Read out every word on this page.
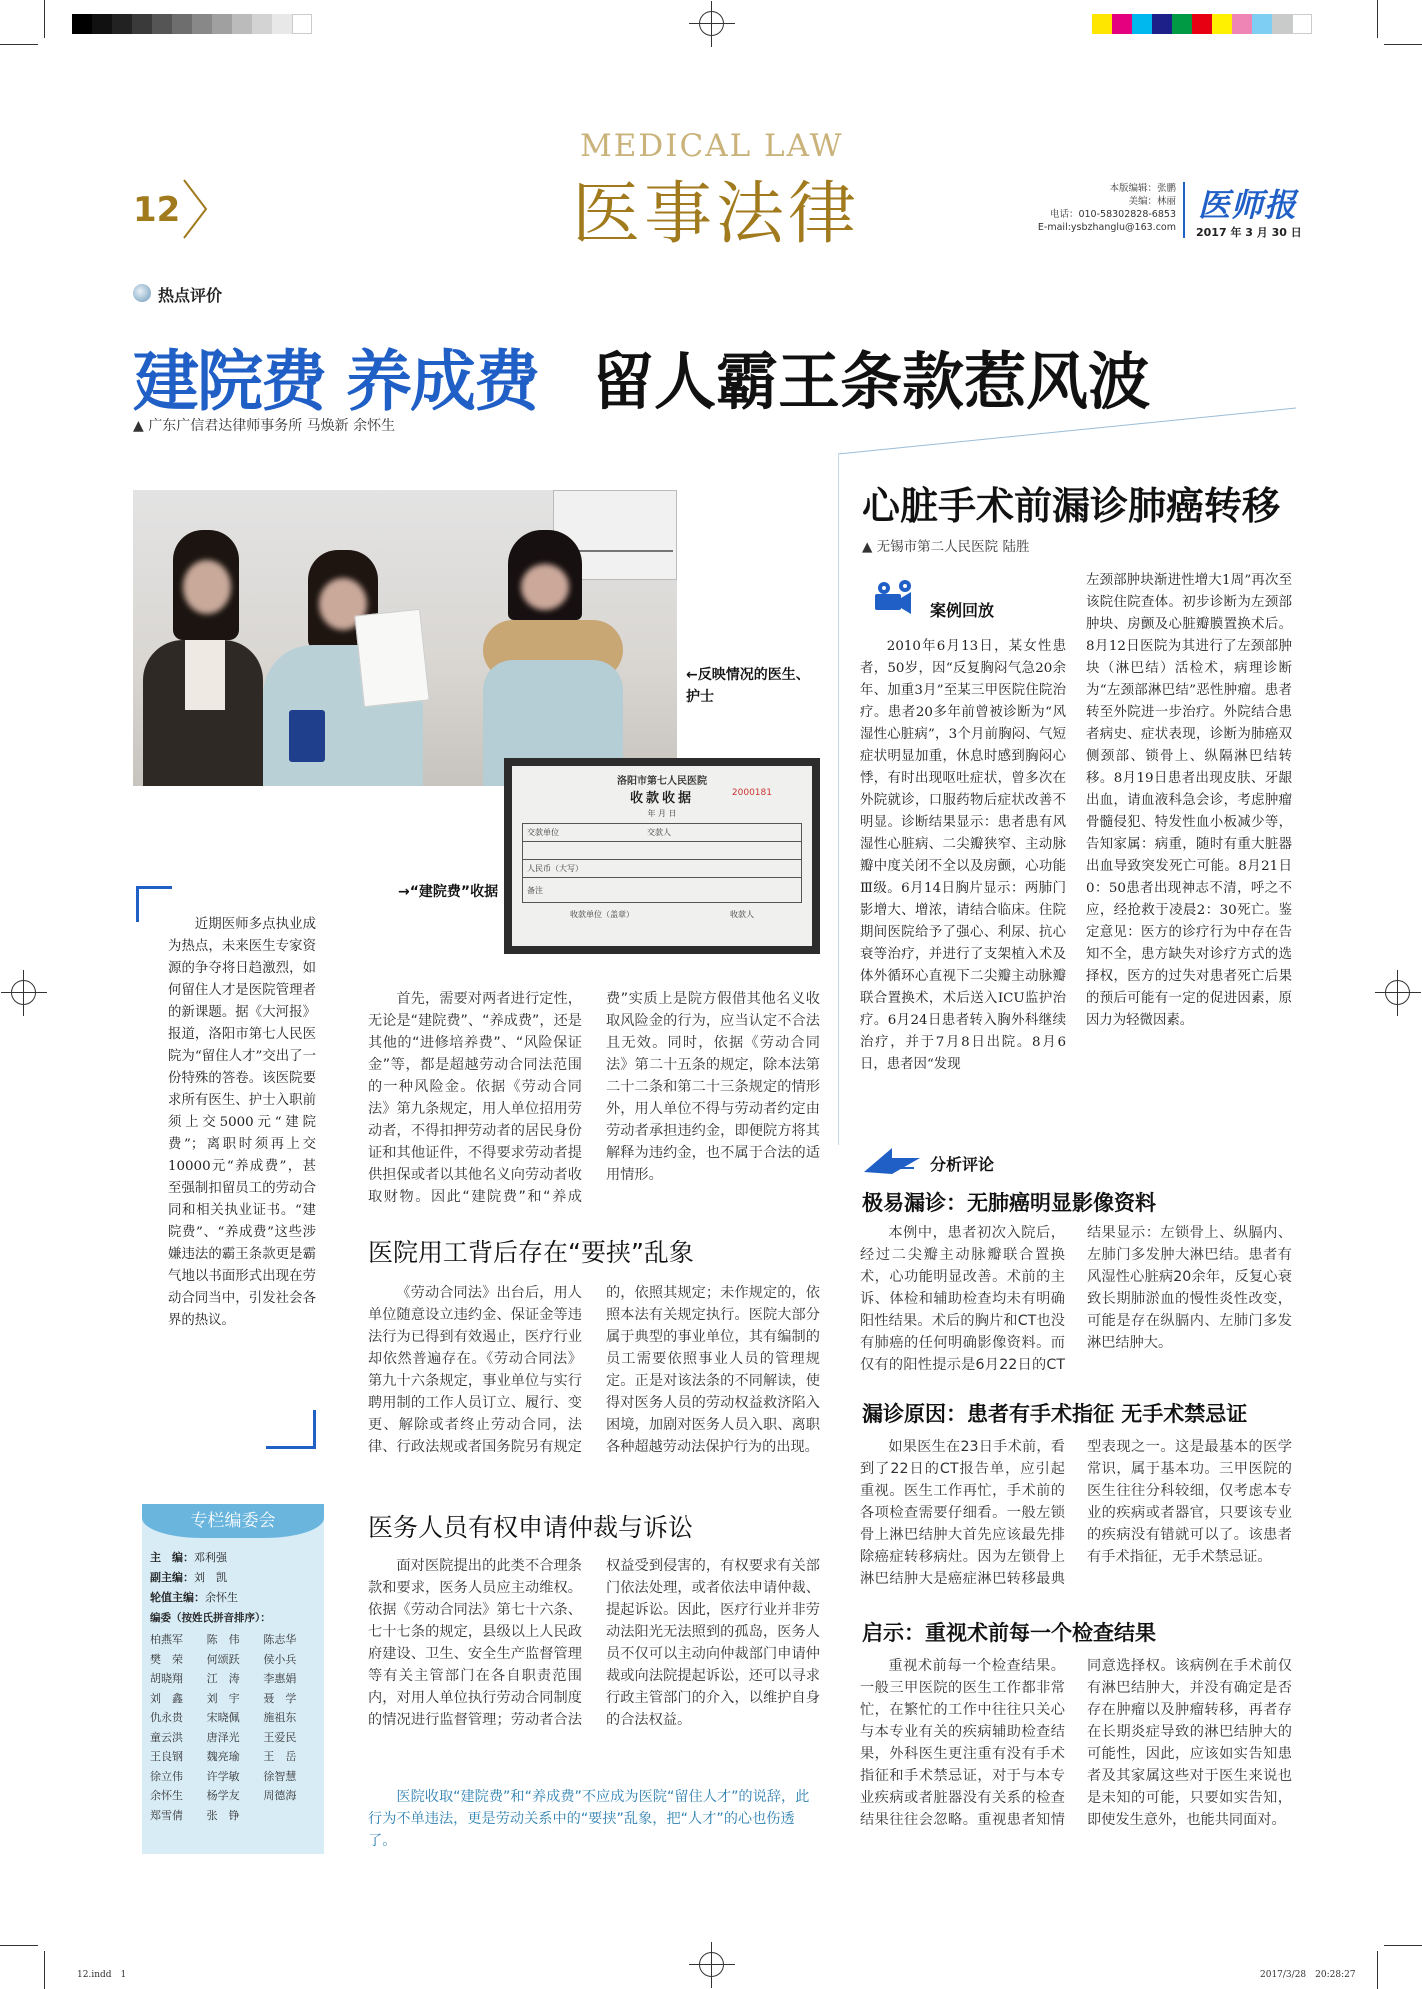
12
MEDICAL LAW
医事法律	本版编辑：张鹏
美编：林丽
电话：010-58302828-6853
E-mail:ysbzhanglu@163.com
医师报
2017 年 3 月 30 日
热点评价
建院费 养成费 留人霸王条款惹风波
▲ 广东广信君达律师事务所 马焕新 余怀生
←反映情况的医生、护士
洛阳市第七人民医院
收款收据	2000181
年 月 日
交款单位	交款人
人民币（大写）
备注
收款单位（盖章）	收款人
→“建院费”收据
近期医师多点执业成为热点，未来医生专家资源的争夺将日趋激烈，如何留住人才是医院管理者的新课题。据《大河报》报道，洛阳市第七人民医院为“留住人才”交出了一份特殊的答卷。该医院要求所有医生、护士入职前须上交5000元“建院费”；离职时须再上交10000元“养成费”，甚至强制扣留员工的劳动合同和相关执业证书。“建院费”、“养成费”这些涉嫌违法的霸王条款更是霸气地以书面形式出现在劳动合同当中，引发社会各界的热议。
首先，需要对两者进行定性，无论是“建院费”、“养成费”，还是其他的“进修培养费”、“风险保证金”等，都是超越劳动合同法范围的一种风险金。依据《劳动合同法》第九条规定，用人单位招用劳动者，不得扣押劳动者的居民身份证和其他证件，不得要求劳动者提供担保或者以其他名义向劳动者收取财物。因此“建院费”和“养成费”实质上是院方假借其他名义收取风险金的行为，应当认定不合法且无效。同时，依据《劳动合同法》第二十五条的规定，除本法第二十二条和第二十三条规定的情形外，用人单位不得与劳动者约定由劳动者承担违约金，即便院方将其解释为违约金，也不属于合法的适用情形。
医院用工背后存在“要挟”乱象
《劳动合同法》出台后，用人单位随意设立违约金、保证金等违法行为已得到有效遏止，医疗行业却依然普遍存在。《劳动合同法》第九十六条规定，事业单位与实行聘用制的工作人员订立、履行、变更、解除或者终止劳动合同，法律、行政法规或者国务院另有规定的，依照其规定；未作规定的，依照本法有关规定执行。医院大部分属于典型的事业单位，其有编制的员工需要依照事业人员的管理规定。正是对该法条的不同解读，使得对医务人员的劳动权益救济陷入困境，加剧对医务人员入职、离职各种超越劳动法保护行为的出现。
医务人员有权申请仲裁与诉讼
面对医院提出的此类不合理条款和要求，医务人员应主动维权。依据《劳动合同法》第七十六条、七十七条的规定，县级以上人民政府建设、卫生、安全生产监督管理等有关主管部门在各自职责范围内，对用人单位执行劳动合同制度的情况进行监督管理；劳动者合法权益受到侵害的，有权要求有关部门依法处理，或者依法申请仲裁、提起诉讼。因此，医疗行业并非劳动法阳光无法照到的孤岛，医务人员不仅可以主动向仲裁部门申请仲裁或向法院提起诉讼，还可以寻求行政主管部门的介入，以维护自身的合法权益。
医院收取“建院费”和“养成费”不应成为医院“留住人才”的说辞，此行为不单违法，更是劳动关系中的“要挟”乱象，把“人才”的心也伤透了。
专栏编委会
主　编：邓利强
副主编：刘　凯
轮值主编：余怀生
编委（按姓氏拼音排序）：
柏燕军	陈　伟	陈志华
樊　荣	何颂跃	侯小兵
胡晓翔	江　涛	李惠娟
刘　鑫	刘　宇	聂　学
仇永贵	宋晓佩	施祖东
童云洪	唐泽光	王爱民
王良钢	魏亮瑜	王　岳
徐立伟	许学敏	徐智慧
余怀生	杨学友	周德海
郑雪倩	张　铮
心脏手术前漏诊肺癌转移
▲ 无锡市第二人民医院 陆胜
案例回放
2010年6月13日，某女性患者，50岁，因“反复胸闷气急20余年、加重3月”至某三甲医院住院治疗。患者20多年前曾被诊断为“风湿性心脏病”，3个月前胸闷、气短症状明显加重，休息时感到胸闷心悸，有时出现呕吐症状，曾多次在外院就诊，口服药物后症状改善不明显。诊断结果显示：患者患有风湿性心脏病、二尖瓣狭窄、主动脉瓣中度关闭不全以及房颤，心功能Ⅲ级。6月14日胸片显示：两肺门影增大、增浓，请结合临床。住院期间医院给予了强心、利尿、抗心衰等治疗，并进行了支架植入术及体外循环心直视下二尖瓣主动脉瓣联合置换术，术后送入ICU监护治疗。6月24日患者转入胸外科继续治疗，并于7月8日出院。8月6日，患者因“发现
左颈部肿块渐进性增大1周”再次至该院住院查体。初步诊断为左颈部肿块、房颤及心脏瓣膜置换术后。8月12日医院为其进行了左颈部肿块（淋巴结）活检术，病理诊断为“左颈部淋巴结”恶性肿瘤。患者转至外院进一步治疗。外院结合患者病史、症状表现，诊断为肺癌双侧颈部、锁骨上、纵隔淋巴结转移。8月19日患者出现皮肤、牙龈出血，请血液科急会诊，考虑肿瘤骨髓侵犯、特发性血小板减少等，告知家属：病重，随时有重大脏器出血导致突发死亡可能。8月21日0：50患者出现神志不清，呼之不应，经抢救于凌晨2：30死亡。鉴定意见：医方的诊疗行为中存在告知不全，患方缺失对诊疗方式的选择权，医方的过失对患者死亡后果的预后可能有一定的促进因素，原因力为轻微因素。
分析评论
极易漏诊：无肺癌明显影像资料
本例中，患者初次入院后，经过二尖瓣主动脉瓣联合置换术，心功能明显改善。术前的主诉、体检和辅助检查均未有明确阳性结果。术后的胸片和CT也没有肺癌的任何明确影像资料。而仅有的阳性提示是6月22日的CT结果显示：左锁骨上、纵膈内、左肺门多发肿大淋巴结。患者有风湿性心脏病20余年，反复心衰致长期肺淤血的慢性炎性改变，可能是存在纵膈内、左肺门多发淋巴结肿大。
漏诊原因：患者有手术指征 无手术禁忌证
如果医生在23日手术前，看到了22日的CT报告单，应引起重视。医生工作再忙，手术前的各项检查需要仔细看。一般左锁骨上淋巴结肿大首先应该最先排除癌症转移病灶。因为左锁骨上淋巴结肿大是癌症淋巴转移最典型表现之一。这是最基本的医学常识，属于基本功。三甲医院的医生往往分科较细，仅考虑本专业的疾病或者器官，只要该专业的疾病没有错就可以了。该患者有手术指征，无手术禁忌证。
启示：重视术前每一个检查结果
重视术前每一个检查结果。一般三甲医院的医生工作都非常忙，在繁忙的工作中往往只关心与本专业有关的疾病辅助检查结果，外科医生更注重有没有手术指征和手术禁忌证，对于与本专业疾病或者脏器没有关系的检查结果往往会忽略。重视患者知情同意选择权。该病例在手术前仅有淋巴结肿大，并没有确定是否存在肿瘤以及肿瘤转移，再者存在长期炎症导致的淋巴结肿大的可能性，因此，应该如实告知患者及其家属这些对于医生来说也是未知的可能，只要如实告知，即使发生意外，也能共同面对。
12.indd　1	2017/3/28　20:28:27
